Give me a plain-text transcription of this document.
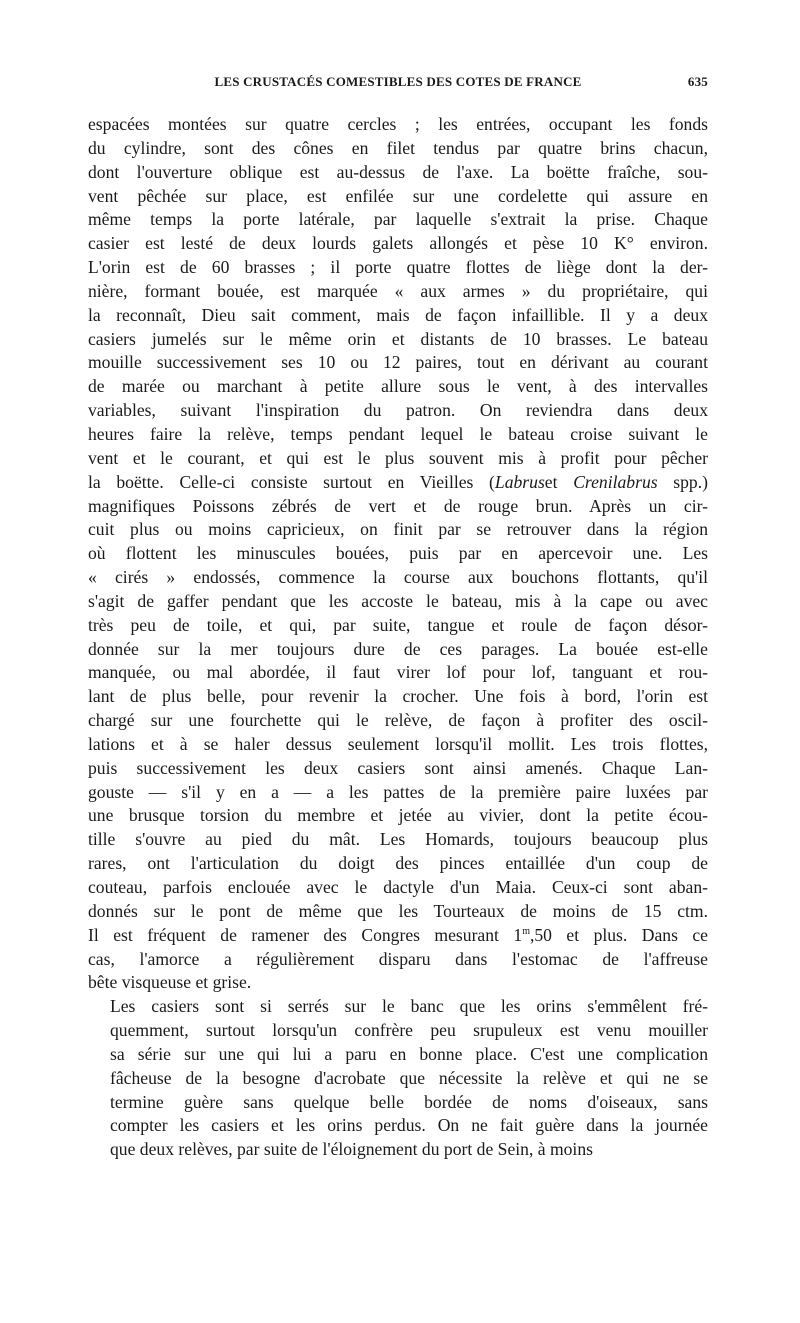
LES CRUSTACÉS COMESTIBLES DES COTES DE FRANCE	635

espacées montées sur quatre cercles ; les entrées, occupant les fonds
du cylindre, sont des cônes en filet tendus par quatre brins chacun,
dont l'ouverture oblique est au-dessus de l'axe. La boëtte fraîche, sou-
vent pêchée sur place, est enfilée sur une cordelette qui assure en
même temps la porte latérale, par laquelle s'extrait la prise. Chaque
casier est lesté de deux lourds galets allongés et pèse 10 K° environ.
L'orin est de 60 brasses ; il porte quatre flottes de liège dont la der-
nière, formant bouée, est marquée « aux armes » du propriétaire, qui
la reconnaît, Dieu sait comment, mais de façon infaillible. Il y a deux
casiers jumelés sur le même orin et distants de 10 brasses. Le bateau
mouille successivement ses 10 ou 12 paires, tout en dérivant au courant
de marée ou marchant à petite allure sous le vent, à des intervalles
variables, suivant l'inspiration du patron. On reviendra dans deux
heures faire la relève, temps pendant lequel le bateau croise suivant le
vent et le courant, et qui est le plus souvent mis à profit pour pêcher
la boëtte. Celle-ci consiste surtout en Vieilles (Labruset Crenilabrus spp.)
magnifiques Poissons zébrés de vert et de rouge brun. Après un cir-
cuit plus ou moins capricieux, on finit par se retrouver dans la région
où flottent les minuscules bouées, puis par en apercevoir une. Les
« cirés » endossés, commence la course aux bouchons flottants, qu'il
s'agit de gaffer pendant que les accoste le bateau, mis à la cape ou avec
très peu de toile, et qui, par suite, tangue et roule de façon désor-
donnée sur la mer toujours dure de ces parages. La bouée est-elle
manquée, ou mal abordée, il faut virer lof pour lof, tanguant et rou-
lant de plus belle, pour revenir la crocher. Une fois à bord, l'orin est
chargé sur une fourchette qui le relève, de façon à profiter des oscil-
lations et à se haler dessus seulement lorsqu'il mollit. Les trois flottes,
puis successivement les deux casiers sont ainsi amenés. Chaque Lan-
gouste — s'il y en a — a les pattes de la première paire luxées par
une brusque torsion du membre et jetée au vivier, dont la petite écou-
tille s'ouvre au pied du mât. Les Homards, toujours beaucoup plus
rares, ont l'articulation du doigt des pinces entaillée d'un coup de
couteau, parfois enclouée avec le dactyle d'un Maia. Ceux-ci sont aban-
donnés sur le pont de même que les Tourteaux de moins de 15 ctm.
Il est fréquent de ramener des Congres mesurant 1$^m$,50 et plus. Dans ce
cas, l'amorce a régulièrement disparu dans l'estomac de l'affreuse
bête visqueuse et grise.

Les casiers sont si serrés sur le banc que les orins s'emmêlent fré-
quemment, surtout lorsqu'un confrère peu srupuleux est venu mouiller
sa série sur une qui lui a paru en bonne place. C'est une complication
fâcheuse de la besogne d'acrobate que nécessite la relève et qui ne se
termine guère sans quelque belle bordée de noms d'oiseaux, sans
compter les casiers et les orins perdus. On ne fait guère dans la journée
que deux relèves, par suite de l'éloignement du port de Sein, à moins
